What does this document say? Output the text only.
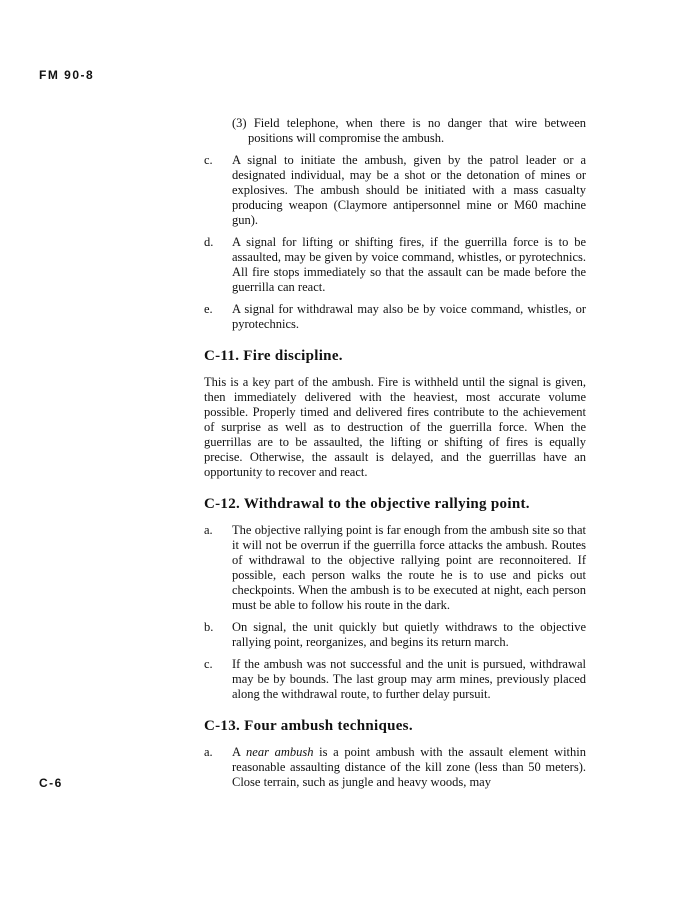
FM 90-8
(3) Field telephone, when there is no danger that wire between positions will compromise the ambush.
c.	A signal to initiate the ambush, given by the patrol leader or a designated individual, may be a shot or the detonation of mines or explosives. The ambush should be initiated with a mass casualty producing weapon (Claymore antipersonnel mine or M60 machine gun).
d.	A signal for lifting or shifting fires, if the guerrilla force is to be assaulted, may be given by voice command, whistles, or pyrotechnics. All fire stops immediately so that the assault can be made before the guerrilla can react.
e.	A signal for withdrawal may also be by voice command, whistles, or pyrotechnics.
C-11. Fire discipline.
This is a key part of the ambush. Fire is withheld until the signal is given, then immediately delivered with the heaviest, most accurate volume possible. Properly timed and delivered fires contribute to the achievement of surprise as well as to destruction of the guerrilla force. When the guerrillas are to be assaulted, the lifting or shifting of fires is equally precise. Otherwise, the assault is delayed, and the guerrillas have an opportunity to recover and react.
C-12. Withdrawal to the objective rallying point.
a.	The objective rallying point is far enough from the ambush site so that it will not be overrun if the guerrilla force attacks the ambush. Routes of withdrawal to the objective rallying point are reconnoitered. If possible, each person walks the route he is to use and picks out checkpoints. When the ambush is to be executed at night, each person must be able to follow his route in the dark.
b.	On signal, the unit quickly but quietly withdraws to the objective rallying point, reorganizes, and begins its return march.
c.	If the ambush was not successful and the unit is pursued, withdrawal may be by bounds. The last group may arm mines, previously placed along the withdrawal route, to further delay pursuit.
C-13. Four ambush techniques.
a.	A near ambush is a point ambush with the assault element within reasonable assaulting distance of the kill zone (less than 50 meters). Close terrain, such as jungle and heavy woods, may
C-6
